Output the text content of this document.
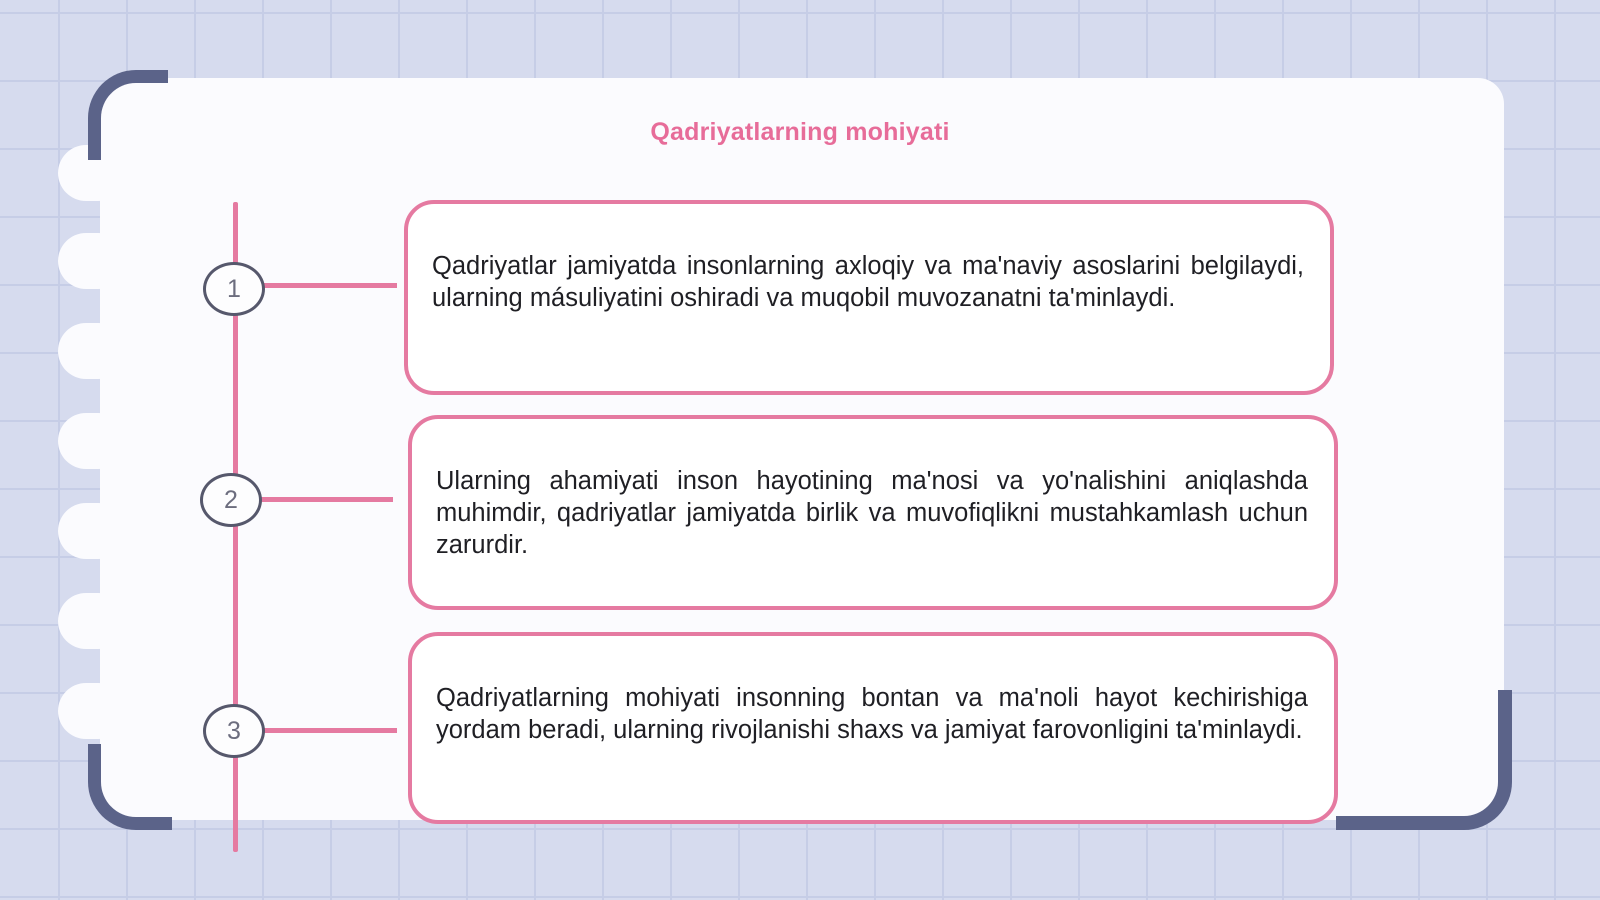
Qadriyatlarning mohiyati
1
2
3

Qadriyatlar jamiyatda insonlarning axloqiy va ma'naviy asoslarini belgilaydi, ularning másuliyatini oshiradi va muqobil muvozanatni ta'minlaydi.

Ularning ahamiyati inson hayotining ma'nosi va yo'nalishini aniqlashda muhimdir, qadriyatlar jamiyatda birlik va muvofiqlikni mustahkamlash uchun zarurdir.

Qadriyatlarning mohiyati insonning bontan va ma'noli hayot kechirishiga yordam beradi, ularning rivojlanishi shaxs va jamiyat farovonligini ta'minlaydi.
